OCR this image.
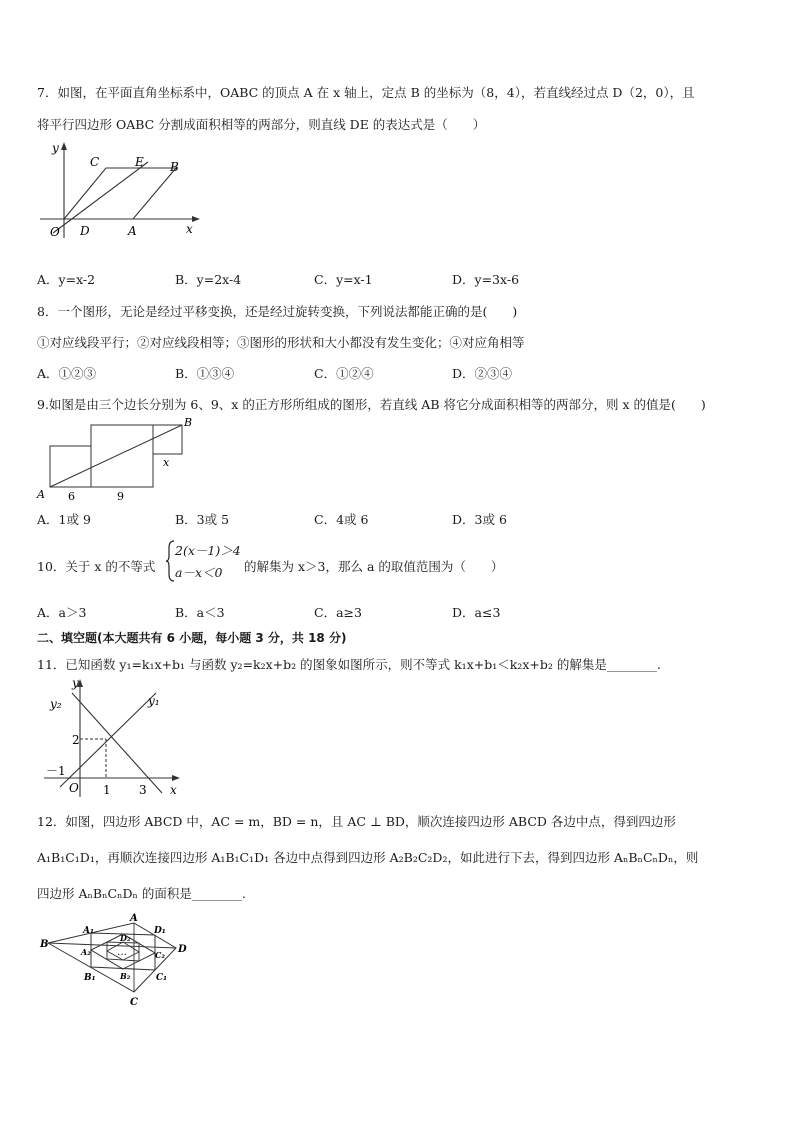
7．如图，在平面直角坐标系中，OABC 的顶点 A 在 x 轴上，定点 B 的坐标为（8，4），若直线经过点 D（2，0），且
将平行四边形 OABC 分割成面积相等的两部分，则直线 DE 的表达式是（　　）
y
x
O D	A
C	E B
A．y=x-2	B．y=2x-4	C．y=x-1	D．y=3x-6
8．一个图形，无论是经过平移变换，还是经过旋转变换，下列说法都能正确的是(　　)
①对应线段平行；②对应线段相等；③图形的形状和大小都没有发生变化；④对应角相等
A．①②③	B．①③④	C．①②④	D．②③④
9.如图是由三个边长分别为 6、9、x 的正方形所组成的图形，若直线 AB 将它分成面积相等的两部分，则 x 的值是(　　)
A
B
6	9
x
A．1或 9	B．3或 5	C．4或 6	D．3或 6
10．关于 x 的不等式
2(x－1)＞4
a－x＜0 的解集为 x＞3，那么 a 的取值范围为（　　）
A．a＞3	B．a＜3	C．a≥3	D．a≤3
二、填空题(本大题共有 6 小题，每小题 3 分，共 18 分)
11．已知函数 y₁=k₁x+b₁ 与函数 y₂=k₂x+b₂ 的图象如图所示，则不等式 k₁x+b₁＜k₂x+b₂ 的解集是________.
y
x
O
y₁
y₂
2
－1
1 3
12．如图，四边形 ABCD 中，AC = m，BD = n，且 AC ⊥ BD，顺次连接四边形 ABCD 各边中点，得到四边形
A₁B₁C₁D₁，再顺次连接四边形 A₁B₁C₁D₁ 各边中点得到四边形 A₂B₂C₂D₂，如此进行下去，得到四边形 AₙBₙCₙDₙ，则
四边形 AₙBₙCₙDₙ 的面积是________.
A
B
C
D
A₁	D₁
B₁	C₁
D₂
A₂	C₂
B₂
…
